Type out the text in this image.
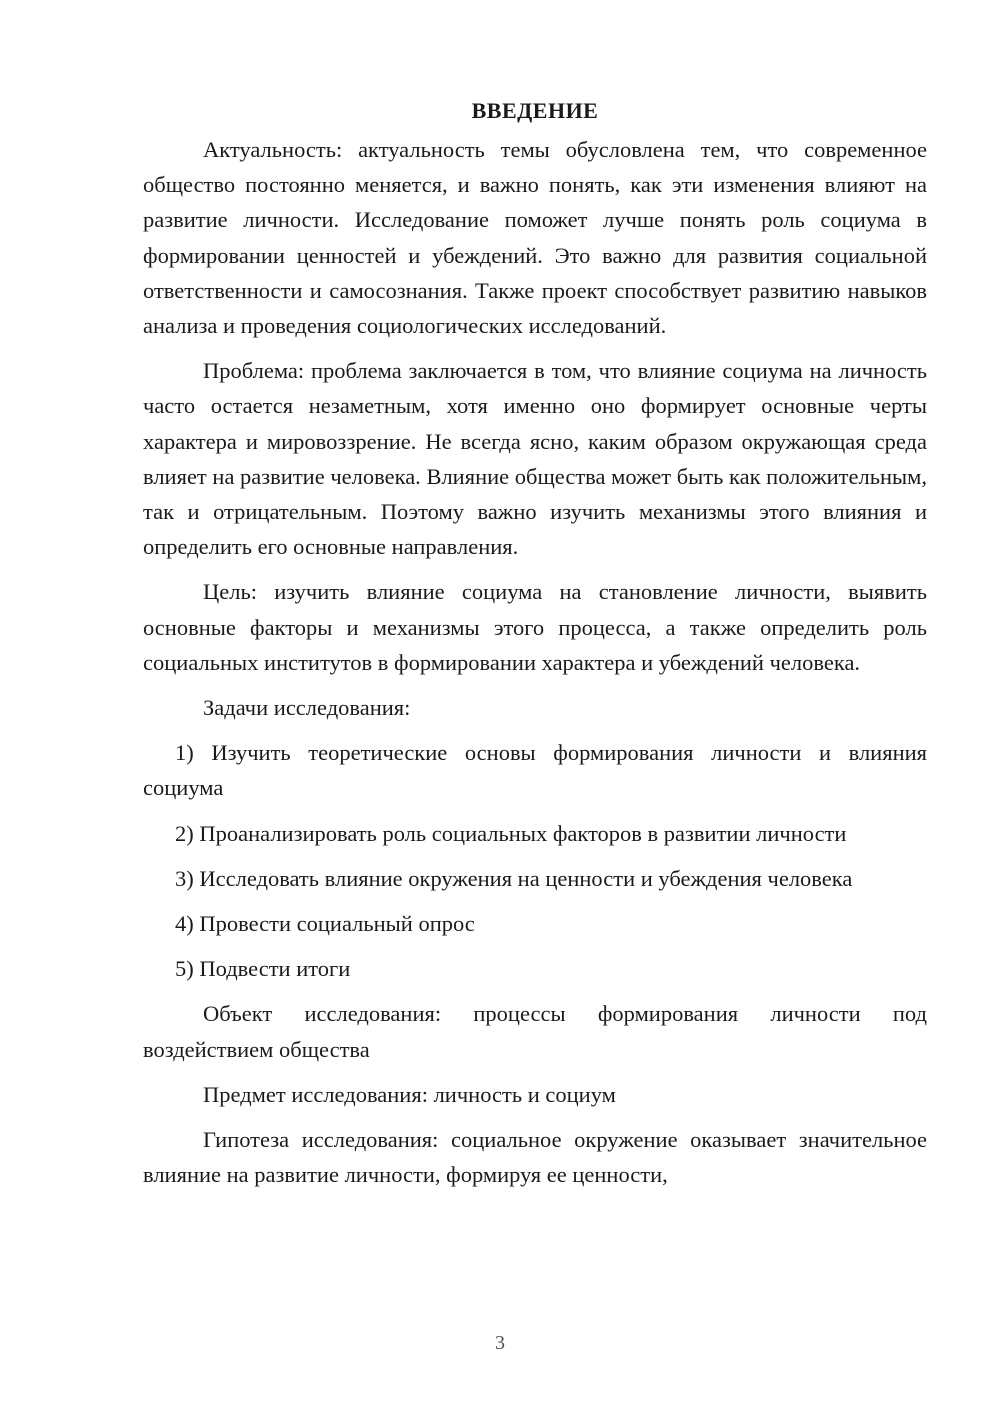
ВВЕДЕНИЕ

Актуальность: актуальность темы обусловлена тем, что современное общество постоянно меняется, и важно понять, как эти изменения влияют на развитие личности. Исследование поможет лучше понять роль социума в формировании ценностей и убеждений. Это важно для развития социальной ответственности и самосознания. Также проект способствует развитию навыков анализа и проведения социологических исследований.

Проблема: проблема заключается в том, что влияние социума на личность часто остается незаметным, хотя именно оно формирует основные черты характера и мировоззрение. Не всегда ясно, каким образом окружающая среда влияет на развитие человека. Влияние общества может быть как положительным, так и отрицательным. Поэтому важно изучить механизмы этого влияния и определить его основные направления.

Цель: изучить влияние социума на становление личности, выявить основные факторы и механизмы этого процесса, а также определить роль социальных институтов в формировании характера и убеждений человека.

Задачи исследования:

1) Изучить теоретические основы формирования личности и влияния социума

2) Проанализировать роль социальных факторов в развитии личности

3) Исследовать влияние окружения на ценности и убеждения человека

4) Провести социальный опрос

5) Подвести итоги

Объект исследования: процессы формирования личности под воздействием общества

Предмет исследования: личность и социум

Гипотеза исследования: социальное окружение оказывает значительное влияние на развитие личности, формируя ее ценности,

3
